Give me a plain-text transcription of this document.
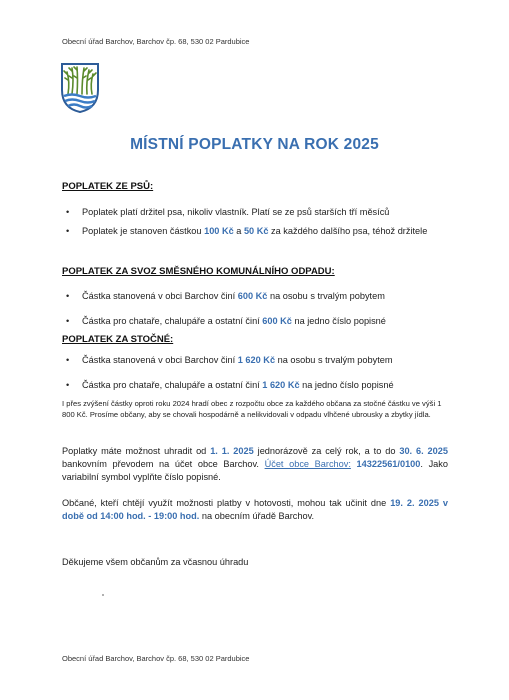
Obecní úřad Barchov, Barchov čp. 68, 530 02 Pardubice
MÍSTNÍ POPLATKY NA ROK 2025
POPLATEK ZE PSŮ:
• Poplatek platí držitel psa, nikoliv vlastník. Platí se ze psů starších tří měsíců
• Poplatek je stanoven částkou 100 Kč a 50 Kč za každého dalšího psa, téhož držitele
POPLATEK ZA SVOZ SMĚSNÉHO KOMUNÁLNÍHO ODPADU:
• Částka stanovená v obci Barchov činí 600 Kč na osobu s trvalým pobytem
• Částka pro chataře, chalupáře a ostatní činí 600 Kč na jedno číslo popisné
POPLATEK ZA STOČNÉ:
• Částka stanovená v obci Barchov činí 1 620 Kč na osobu s trvalým pobytem
• Částka pro chataře, chalupáře a ostatní činí 1 620 Kč na jedno číslo popisné
I přes zvýšení částky oproti roku 2024 hradí obec z rozpočtu obce za každého občana za stočné částku ve výši 1 800 Kč. Prosíme občany, aby se chovali hospodárně a nelikvidovali v odpadu vlhčené ubrousky a zbytky jídla.
Poplatky máte možnost uhradit od 1. 1. 2025 jednorázově za celý rok, a to do 30. 6. 2025 bankovním převodem na účet obce Barchov. Účet obce Barchov: 14322561/0100. Jako variabilní symbol vyplňte číslo popisné.
Občané, kteří chtějí využít možnosti platby v hotovosti, mohou tak učinit dne 19. 2. 2025 v době od 14:00 hod. - 19:00 hod. na obecním úřadě Barchov.
Děkujeme všem občanům za včasnou úhradu
Obecní úřad Barchov, Barchov čp. 68, 530 02 Pardubice
